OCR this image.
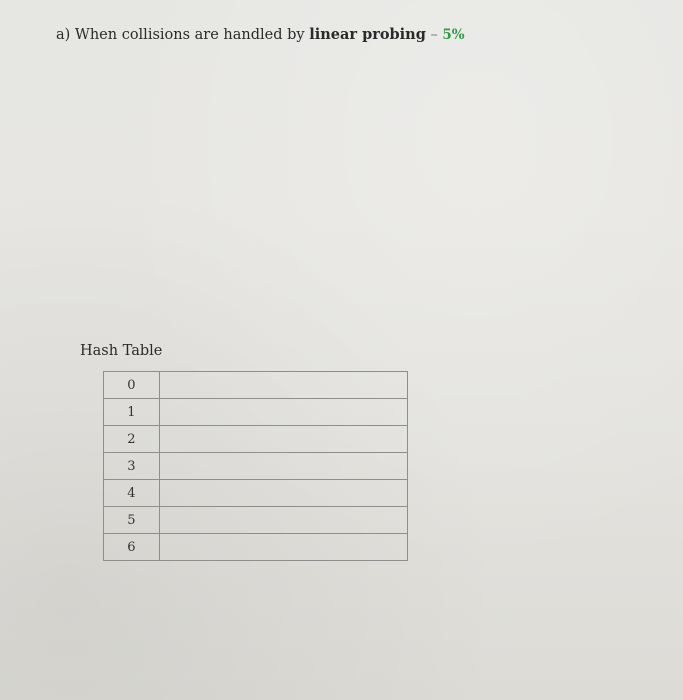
a) When collisions are handled by linear probing – 5%
Hash Table
0	
1	
2	
3	
4	
5	
6	
